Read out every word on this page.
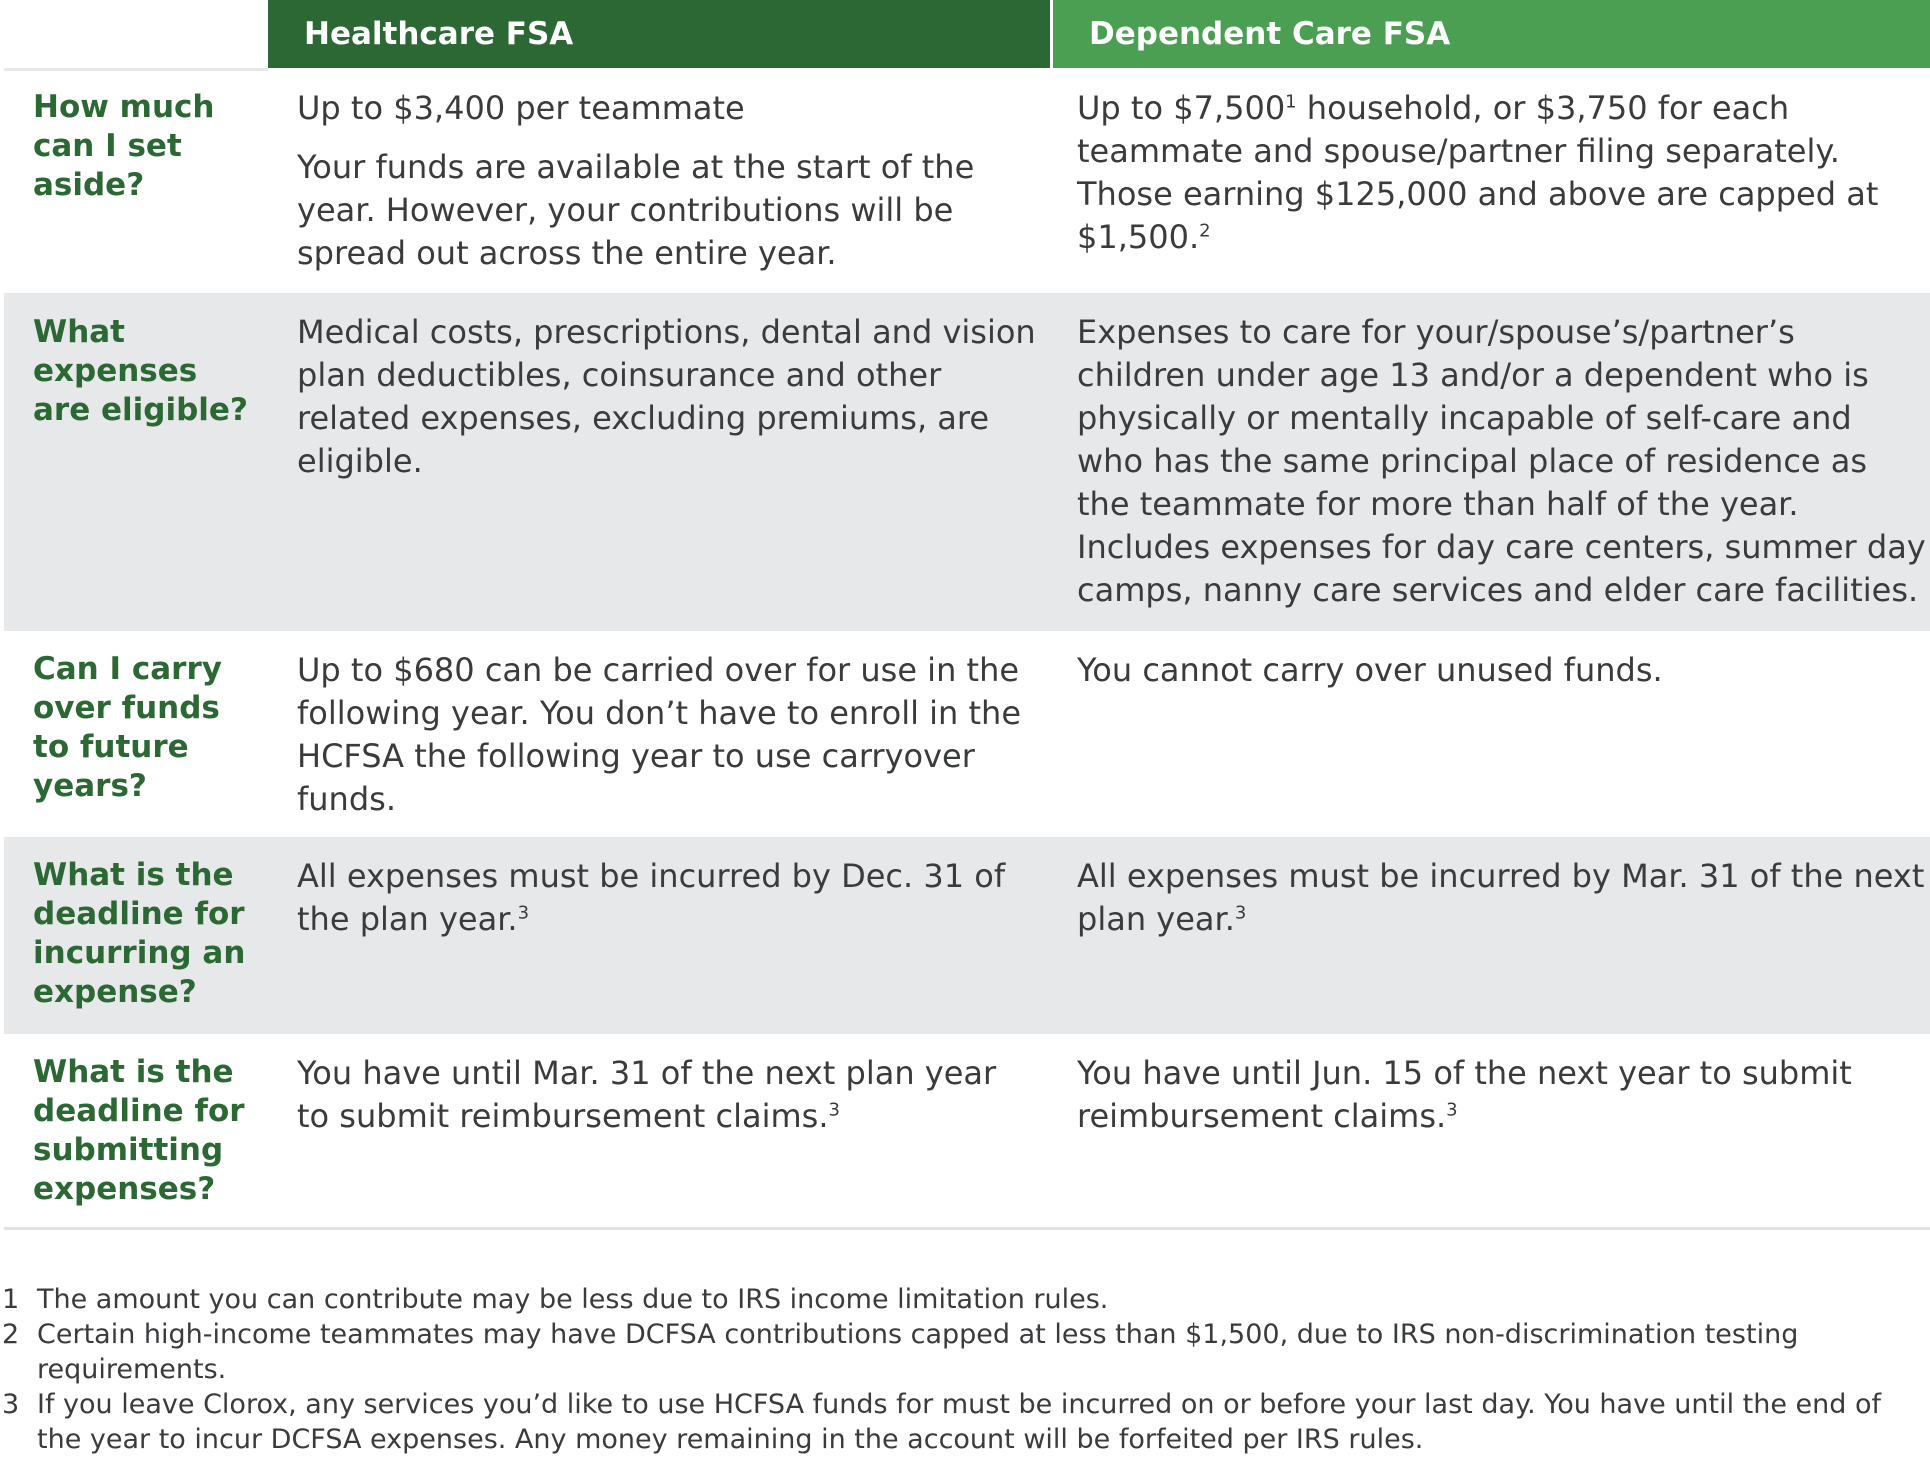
Healthcare FSA	Dependent Care FSA
How much can I set aside?
Up to $3,400 per teammate
Your funds are available at the start of the year. However, your contributions will be spread out across the entire year.
Up to $7,500$^1$ household, or $3,750 for each teammate and spouse/partner filing separately. Those earning $125,000 and above are capped at $1,500.$^2$
What expenses are eligible?
Medical costs, prescriptions, dental and vision plan deductibles, coinsurance and other related expenses, excluding premiums, are eligible.
Expenses to care for your/spouse’s/partner’s children under age 13 and/or a dependent who is physically or mentally incapable of self-care and who has the same principal place of residence as the teammate for more than half of the year. Includes expenses for day care centers, summer day camps, nanny care services and elder care facilities.
Can I carry over funds to future years?
Up to $680 can be carried over for use in the following year. You don’t have to enroll in the HCFSA the following year to use carryover funds.
You cannot carry over unused funds.
What is the deadline for incurring an expense?
All expenses must be incurred by Dec. 31 of the plan year.$^3$
All expenses must be incurred by Mar. 31 of the next plan year.$^3$
What is the deadline for submitting expenses?
You have until Mar. 31 of the next plan year to submit reimbursement claims.$^3$
You have until Jun. 15 of the next year to submit reimbursement claims.$^3$
1 The amount you can contribute may be less due to IRS income limitation rules.
2 Certain high-income teammates may have DCFSA contributions capped at less than $1,500, due to IRS non-discrimination testing requirements.
3 If you leave Clorox, any services you’d like to use HCFSA funds for must be incurred on or before your last day. You have until the end of the year to incur DCFSA expenses. Any money remaining in the account will be forfeited per IRS rules.
